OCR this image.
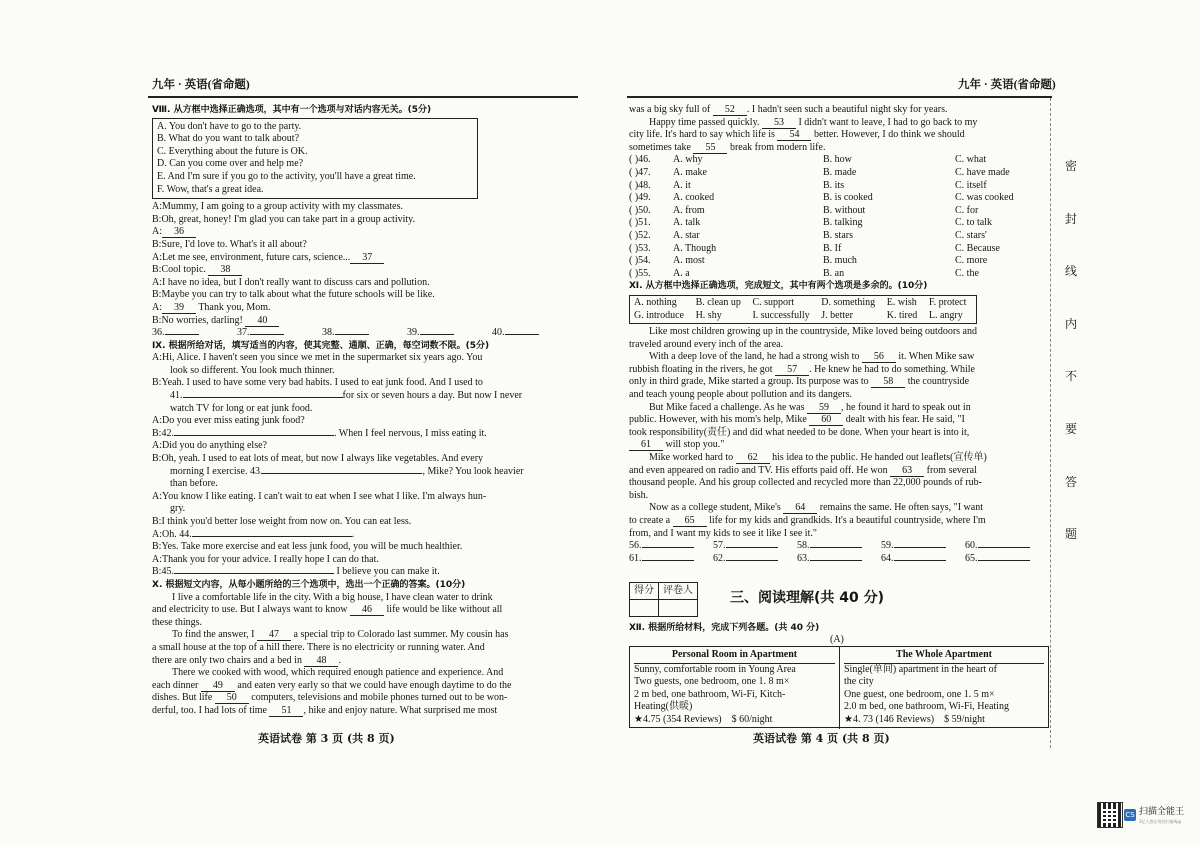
九年 · 英语(省命题)	九年 · 英语(省命题)

Ⅷ. 从方框中选择正确选项，其中有一个选项与对话内容无关。(5分)

A. You don't have to go to the party.

B. What do you want to talk about?

C. Everything about the future is OK.

D. Can you come over and help me?

E. And I'm sure if you go to the activity, you'll have a great time.

F. Wow, that's a great idea.

A:Mummy, I am going to a group activity with my classmates.

B:Oh, great, honey! I'm glad you can take part in a group activity.

A: 36

B:Sure, I'd love to. What's it all about?

A:Let me see, environment, future cars, science... 37

B:Cool topic. 38

A:I have no idea, but I don't really want to discuss cars and pollution.

B:Maybe you can try to talk about what the future schools will be like.

A: 39 Thank you, Mom.

B:No worries, darling! 40

36.	37.	38.	39.	40.

Ⅸ. 根据所给对话，填写适当的内容，使其完整、通顺、正确，每空词数不限。(5分)

A:Hi, Alice. I haven't seen you since we met in the supermarket six years ago. You

look so different. You look much thinner.

B:Yeah. I used to have some very bad habits. I used to eat junk food. And I used to

41.	for six or seven hours a day. But now I never

watch TV for long or eat junk food.

A:Do you ever miss eating junk food?

B:42.	. When I feel nervous, I miss eating it.

A:Did you do anything else?

B:Oh, yeah. I used to eat lots of meat, but now I always like vegetables. And every

morning I exercise. 43.	, Mike? You look heavier

than before.

A:You know I like eating. I can't wait to eat when I see what I like. I'm always hun-

gry.

B:I think you'd better lose weight from now on. You can eat less.

A:Oh. 44.	.

B:Yes. Take more exercise and eat less junk food, you will be much healthier.

A:Thank you for your advice. I really hope I can do that.

B:45.	I believe you can make it.

Ⅹ. 根据短文内容，从每小题所给的三个选项中，选出一个正确的答案。(10分)

I live a comfortable life in the city. With a big house, I have clean water to drink

and electricity to use. But I always want to know 46 life would be like without all

these things.

To find the answer, I 47 a special trip to Colorado last summer. My cousin has

a small house at the top of a hill there. There is no electricity or running water. And

there are only two chairs and a bed in 48 .

There we cooked with wood, which required enough patience and experience. And

each dinner 49 and eaten very early so that we could have enough daytime to do the

dishes. But life 50 computers, televisions and mobile phones turned out to be won-

derful, too. I had lots of time 51 , hike and enjoy nature. What surprised me most

英语试卷 第 3 页 (共 8 页)

was a big sky full of 52 . I hadn't seen such a beautiful night sky for years.

Happy time passed quickly. 53 I didn't want to leave, I had to go back to my

city life. It's hard to say which life is 54 better. However, I do think we should

sometimes take 55 break from modern life.

( )46.	A. why	B. how	C. what
( )47.	A. make	B. made	C. have made
( )48.	A. it	B. its	C. itself
( )49.	A. cooked	B. is cooked	C. was cooked
( )50.	A. from	B. without	C. for
( )51.	A. talk	B. talking	C. to talk
( )52.	A. star	B. stars	C. stars'
( )53.	A. Though	B. If	C. Because
( )54.	A. most	B. much	C. more
( )55.	A. a	B. an	C. the

Ⅺ. 从方框中选择正确选项，完成短文，其中有两个选项是多余的。(10分)

A. nothing	B. clean up	C. support	D. something	E. wish	F. protect
G. introduce	H. shy	I. successfully	J. better	K. tired	L. angry

Like most children growing up in the countryside, Mike loved being outdoors and

traveled around every inch of the area.

With a deep love of the land, he had a strong wish to 56 it. When Mike saw

rubbish floating in the rivers, he got 57 . He knew he had to do something. While

only in third grade, Mike started a group. Its purpose was to 58 the countryside

and teach young people about pollution and its dangers.

But Mike faced a challenge. As he was 59 , he found it hard to speak out in

public. However, with his mom's help, Mike 60 dealt with his fear. He said, "I

took responsibility(责任) and did what needed to be done. When your heart is into it,

61 will stop you."

Mike worked hard to 62 his idea to the public. He handed out leaflets(宣传单)

and even appeared on radio and TV. His efforts paid off. He won 63 from several

thousand people. And his group collected and recycled more than 22,000 pounds of rub-

bish.

Now as a college student, Mike's 64 remains the same. He often says, "I want

to create a 65 life for my kids and grandkids. It's a beautiful countryside, where I'm

from, and I want my kids to see it like I see it."

56.	57.	58.	59.	60.
61.	62.	63.	64.	65.
得分	评卷人
		三、阅读理解(共 40 分)
Ⅻ. 根据所给材料，完成下列各题。(共 40 分)
(A)
Personal Room in Apartment

Sunny, comfortable room in Young Area

Two guests, one bedroom, one 1. 8 m×

2 m bed, one bathroom, Wi-Fi, Kitch-

Heating(供暖)

★4.75 (354 Reviews) $ 60/night

The Whole Apartment

Single(单间) apartment in the heart of

the city

One guest, one bedroom, one 1. 5 m×

2.0 m bed, one bathroom, Wi-Fi, Heating

★4. 73 (146 Reviews) $ 59/night

英语试卷 第 4 页 (共 8 页)
密
封
线
内
不
要
答
题
CS 扫描全能王
3亿人都在用的扫描App
